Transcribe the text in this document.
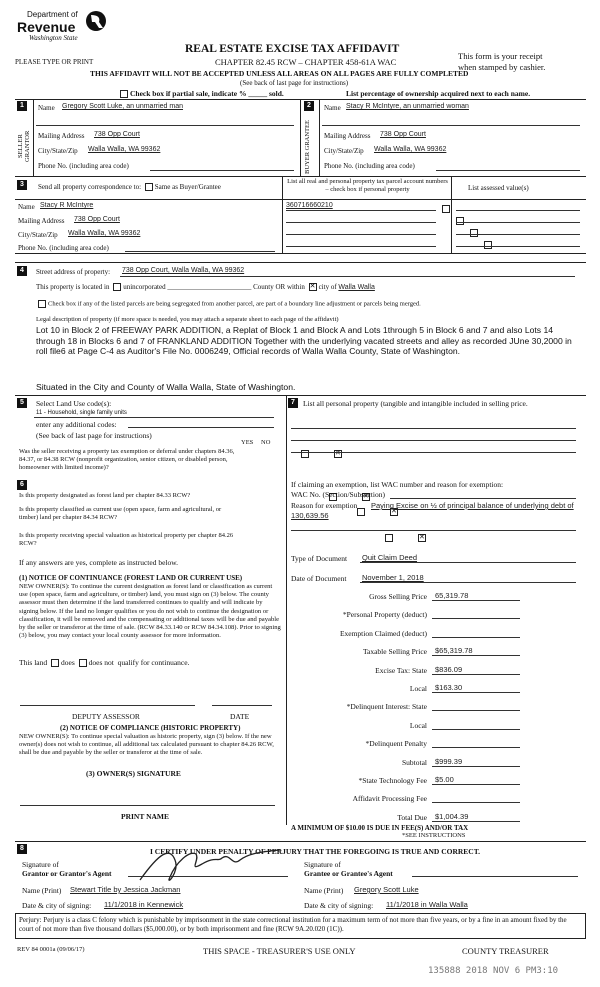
Department of
Revenue
Washington State
PLEASE TYPE OR PRINT
REAL ESTATE EXCISE TAX AFFIDAVIT
CHAPTER 82.45 RCW – CHAPTER 458-61A WAC
This form is your receipt
when stamped by cashier.
THIS AFFIDAVIT WILL NOT BE ACCEPTED UNLESS ALL AREAS ON ALL PAGES ARE FULLY COMPLETED
(See back of last page for instructions)
Check box if partial sale, indicate % _____ sold.	List percentage of ownership acquired next to each name.
1
SELLER GRANTOR
Name Gregory Scott Luke, an unmarried man
Mailing Address 738 Opp Court
City/State/Zip Walla Walla, WA 99362
Phone No. (including area code)
2
BUYER GRANTEE
Name Stacy R McIntyre, an unmarried woman
Mailing Address 738 Opp Court
City/State/Zip Walla Walla, WA 99362
Phone No. (including area code)
3	Send all property correspondence to: Same as Buyer/Grantee
List all real and personal property tax parcel account numbers – check box if personal property	List assessed value(s)
Name Stacy R McIntyre
Mailing Address 738 Opp Court
City/State/Zip Walla Walla, WA 99362
Phone No. (including area code)
360716660210

4	Street address of property: 738 Opp Court, Walla Walla, WA 99362
This property is located in unincorporated ________________________ County OR within ✕ city of Walla Walla
Check box if any of the listed parcels are being segregated from another parcel, are part of a boundary line adjustment or parcels being merged.
Legal description of property (if more space is needed, you may attach a separate sheet to each page of the affidavit)
Lot 10 in Block 2 of FREEWAY PARK ADDITION, a Replat of Block 1 and Block A and Lots 1through 5 in Block 6 and 7 and also Lots 14 through 18 in Blocks 6 and 7 of FRANKLAND ADDITION Together with the underlying vacated streets and alley as recorded JUne 30,2000 in roll file6 at Page C-4 as Auditor's File No. 0006249, Official records of Walla Walla County, State of Washington.
Situated in the City and County of Walla Walla, State of Washington.
5	Select Land Use code(s):
11 - Household, single family units
enter any additional codes:
(See back of last page for instructions)
YES NO
Was the seller receiving a property tax exemption or deferral under chapters 84.36, 84.37, or 84.38 RCW (nonprofit organization, senior citizen, or disabled person, homeowner with limited income)?
✕
6
Is this property designated as forest land per chapter 84.33 RCW?
✕
Is this property classified as current use (open space, farm and agricultural, or timber) land per chapter 84.34 RCW?
✕
Is this property receiving special valuation as historical property per chapter 84.26 RCW?
✕
If any answers are yes, complete as instructed below.
(1) NOTICE OF CONTINUANCE (FOREST LAND OR CURRENT USE)
NEW OWNER(S): To continue the current designation as forest land or classification as current use (open space, farm and agriculture, or timber) land, you must sign on (3) below. The county assessor must then determine if the land transferred continues to qualify and will indicate by signing below. If the land no longer qualifies or you do not wish to continue the designation or classification, it will be removed and the compensating or additional taxes will be due and payable by the seller or transferor at the time of sale. (RCW 84.33.140 or RCW 84.34.108). Prior to signing (3) below, you may contact your local county assessor for more information.
This land does does not qualify for continuance.
DEPUTY ASSESSOR	DATE
(2) NOTICE OF COMPLIANCE (HISTORIC PROPERTY)
NEW OWNER(S): To continue special valuation as historic property, sign (3) below. If the new owner(s) does not wish to continue, all additional tax calculated pursuant to chapter 84.26 RCW, shall be due and payable by the seller or transferor at the time of sale.
(3) OWNER(S) SIGNATURE
PRINT NAME
7	List all personal property (tangible and intangible included in selling price.
If claiming an exemption, list WAC number and reason for exemption:
WAC No. (Section/Subsection)
Reason for exemption	Paying Excise on ½ of principal balance of underlying debt of 130,639.56
Type of Document Quit Claim Deed
Date of Document November 1, 2018
Gross Selling Price 65,319.78
*Personal Property (deduct)
Exemption Claimed (deduct)
Taxable Selling Price $65,319.78
Excise Tax: State $836.09
Local $163.30
*Delinquent Interest: State
Local
*Delinquent Penalty
Subtotal $999.39
*State Technology Fee $5.00
Affidavit Processing Fee
Total Due $1,004.39
A MINIMUM OF $10.00 IS DUE IN FEE(S) AND/OR TAX
*SEE INSTRUCTIONS
8	I CERTIFY UNDER PENALTY OF PERJURY THAT THE FOREGOING IS TRUE AND CORRECT.
Signature of
Grantor or Grantor's Agent
Name (Print) Stewart Title by Jessica Jackman
Date & city of signing: 11/1/2018 in Kennewick
Signature of
Grantee or Grantee's Agent
Name (Print) Gregory Scott Luke
Date & city of signing: 11/1/2018 in Walla Walla
Perjury: Perjury is a class C felony which is punishable by imprisonment in the state correctional institution for a maximum term of not more than five years, or by a fine in an amount fixed by the court of not more than five thousand dollars ($5,000.00), or by both imprisonment and fine (RCW 9A.20.020 (1C)).
REV 84 0001a (09/06/17)	THIS SPACE - TREASURER'S USE ONLY	COUNTY TREASURER
135888 2018 NOV 6 PM3:10
